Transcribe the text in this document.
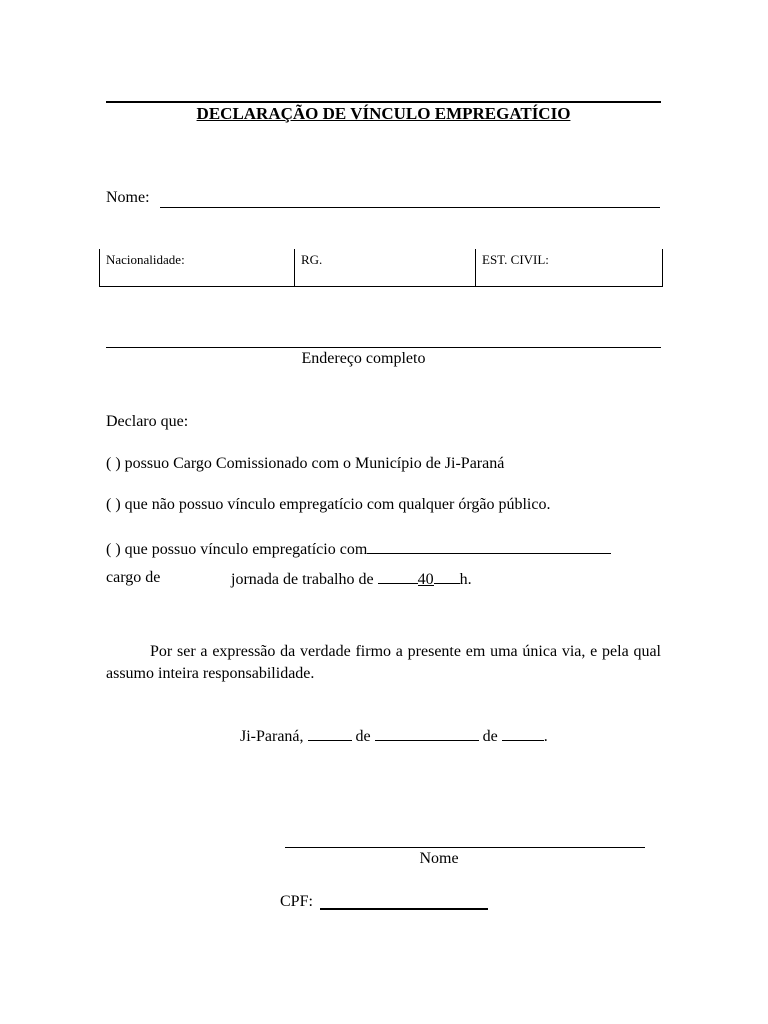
DECLARAÇÃO DE VÍNCULO EMPREGATÍCIO
Nome:
Nacionalidade:	RG.	EST. CIVIL:
Endereço completo
Declaro que:
( ) possuo Cargo Comissionado com o Município de Ji-Paraná
( ) que não possuo vínculo empregatício com qualquer órgão público.
( ) que possuo vínculo empregatício com
cargo de	jornada de trabalho de	40 h.
Por ser a expressão da verdade firmo a presente em uma única via, e pela qual assumo inteira responsabilidade.
Ji-Paraná,	de	de	.
Nome
CPF:
